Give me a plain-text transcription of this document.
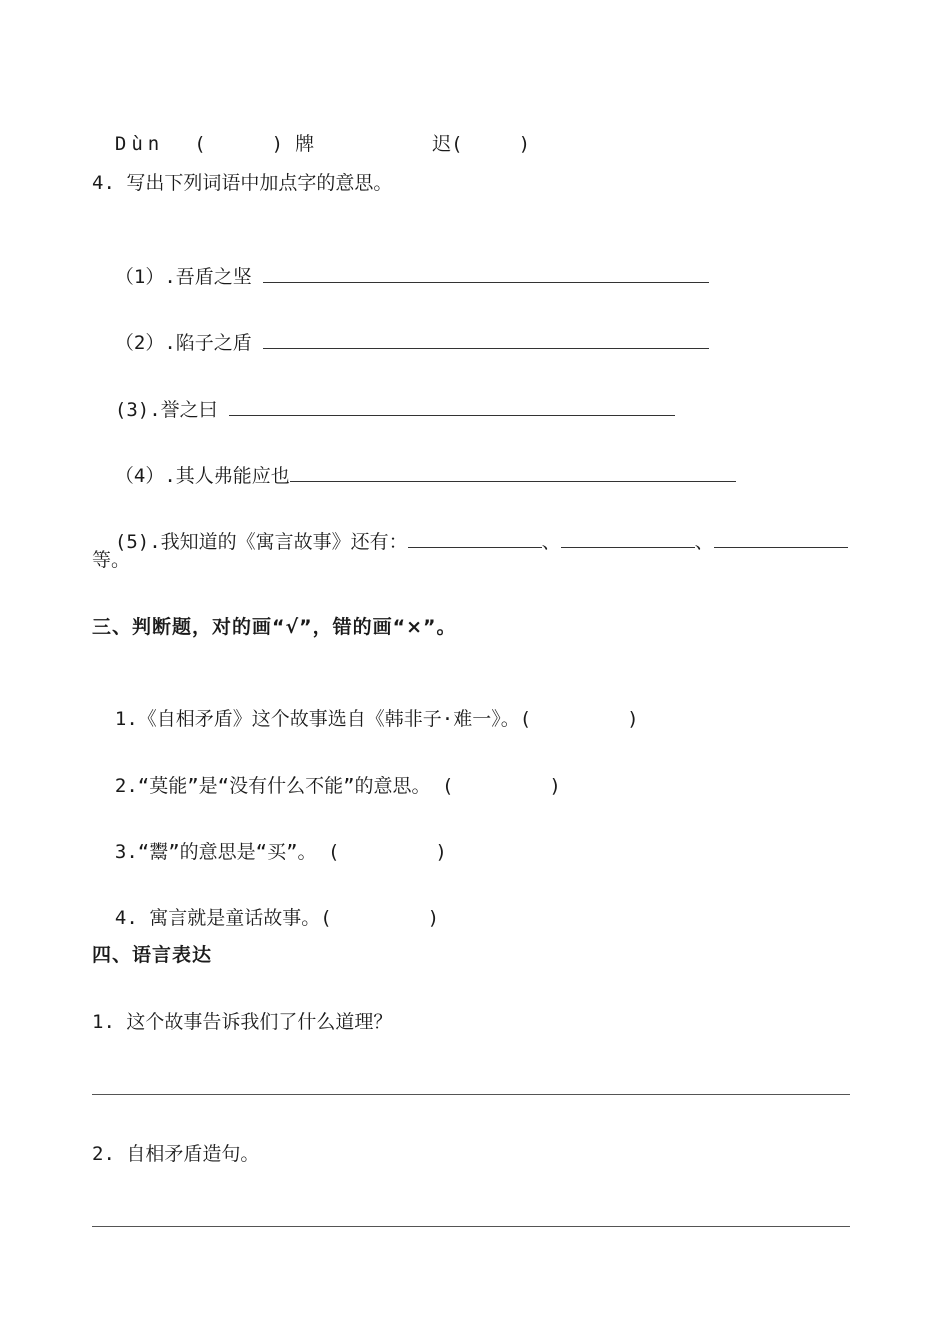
Dùn (	) 牌	迟(	)

4. 写出下列词语中加点字的意思。

（1）.吾盾之坚

（2）.陷子之盾

(3).誉之曰

（4）.其人弗能应也

(5).我知道的《寓言故事》还有：	、	、

等。
三、判断题，对的画“√”，错的画“×”。

1.《自相矛盾》这个故事选自《韩非子·难一》。(	)

2.“莫能”是“没有什么不能”的意思。 (	)

3.“鬻”的意思是“买”。 (	)

4. 寓言就是童话故事。(	)

四、语言表达
1. 这个故事告诉我们了什么道理？
2. 自相矛盾造句。
